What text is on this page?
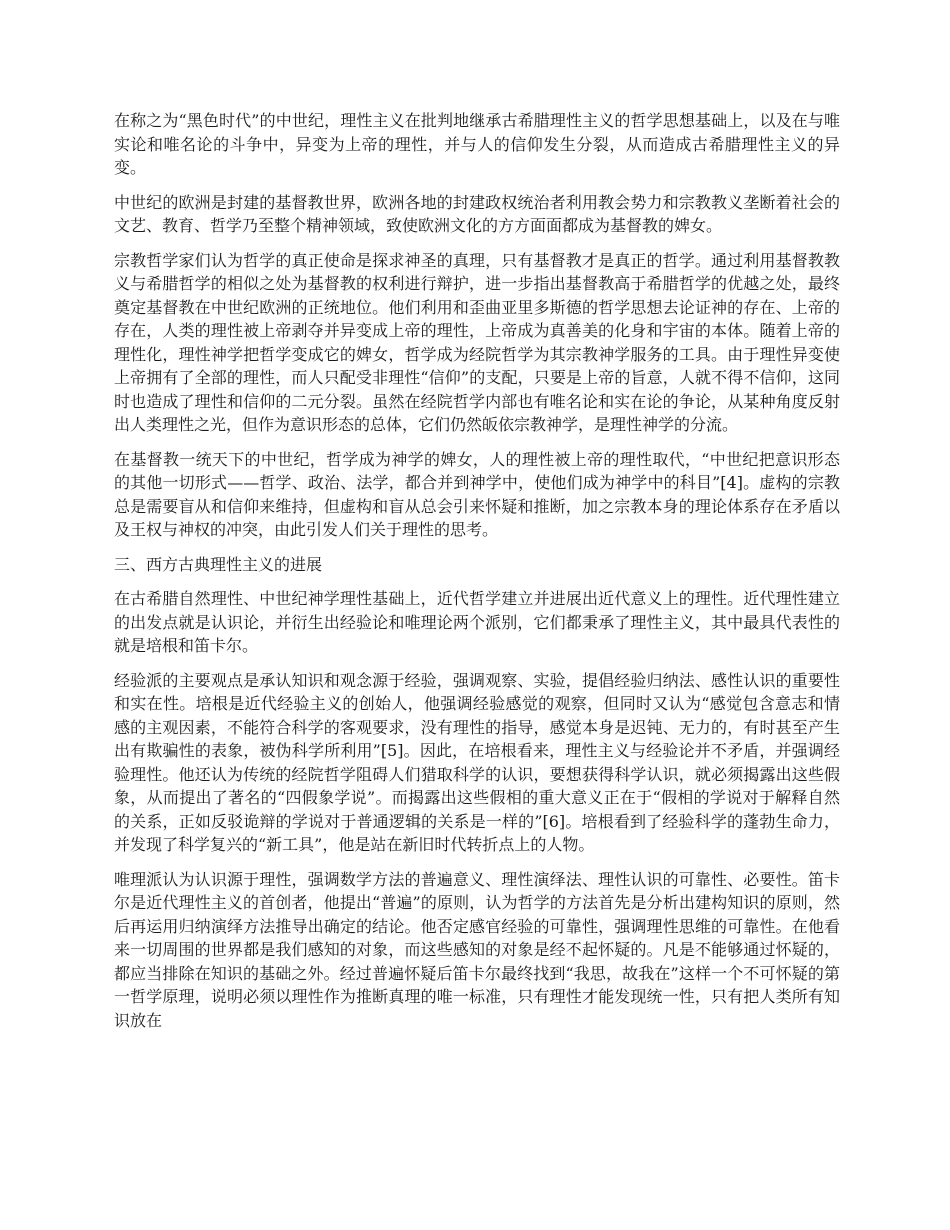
在称之为“黑色时代”的中世纪，理性主义在批判地继承古希腊理性主义的哲学思想基础上，以及在与唯实论和唯名论的斗争中，异变为上帝的理性，并与人的信仰发生分裂，从而造成古希腊理性主义的异变。

中世纪的欧洲是封建的基督教世界，欧洲各地的封建政权统治者利用教会势力和宗教教义垄断着社会的文艺、教育、哲学乃至整个精神领域，致使欧洲文化的方方面面都成为基督教的婢女。

宗教哲学家们认为哲学的真正使命是探求神圣的真理，只有基督教才是真正的哲学。通过利用基督教教义与希腊哲学的相似之处为基督教的权利进行辩护，进一步指出基督教高于希腊哲学的优越之处，最终奠定基督教在中世纪欧洲的正统地位。他们利用和歪曲亚里多斯德的哲学思想去论证神的存在、上帝的存在，人类的理性被上帝剥夺并异变成上帝的理性，上帝成为真善美的化身和宇宙的本体。随着上帝的理性化，理性神学把哲学变成它的婢女，哲学成为经院哲学为其宗教神学服务的工具。由于理性异变使上帝拥有了全部的理性，而人只配受非理性“信仰”的支配，只要是上帝的旨意，人就不得不信仰，这同时也造成了理性和信仰的二元分裂。虽然在经院哲学内部也有唯名论和实在论的争论，从某种角度反射出人类理性之光，但作为意识形态的总体，它们仍然皈依宗教神学，是理性神学的分流。

在基督教一统天下的中世纪，哲学成为神学的婢女，人的理性被上帝的理性取代，“中世纪把意识形态的其他一切形式——哲学、政治、法学，都合并到神学中，使他们成为神学中的科目”[4]。虚构的宗教总是需要盲从和信仰来维持，但虚构和盲从总会引来怀疑和推断，加之宗教本身的理论体系存在矛盾以及王权与神权的冲突，由此引发人们关于理性的思考。

三、西方古典理性主义的进展

在古希腊自然理性、中世纪神学理性基础上，近代哲学建立并进展出近代意义上的理性。近代理性建立的出发点就是认识论，并衍生出经验论和唯理论两个派别，它们都秉承了理性主义，其中最具代表性的就是培根和笛卡尔。

经验派的主要观点是承认知识和观念源于经验，强调观察、实验，提倡经验归纳法、感性认识的重要性和实在性。培根是近代经验主义的创始人，他强调经验感觉的观察，但同时又认为“感觉包含意志和情感的主观因素，不能符合科学的客观要求，没有理性的指导，感觉本身是迟钝、无力的，有时甚至产生出有欺骗性的表象，被伪科学所利用”[5]。因此，在培根看来，理性主义与经验论并不矛盾，并强调经验理性。他还认为传统的经院哲学阻碍人们猎取科学的认识，要想获得科学认识，就必须揭露出这些假象，从而提出了著名的“四假象学说”。而揭露出这些假相的重大意义正在于“假相的学说对于解释自然的关系，正如反驳诡辩的学说对于普通逻辑的关系是一样的”[6]。培根看到了经验科学的蓬勃生命力，并发现了科学复兴的“新工具”，他是站在新旧时代转折点上的人物。

唯理派认为认识源于理性，强调数学方法的普遍意义、理性演绎法、理性认识的可靠性、必要性。笛卡尔是近代理性主义的首创者，他提出“普遍”的原则，认为哲学的方法首先是分析出建构知识的原则，然后再运用归纳演绎方法推导出确定的结论。他否定感官经验的可靠性，强调理性思维的可靠性。在他看来一切周围的世界都是我们感知的对象，而这些感知的对象是经不起怀疑的。凡是不能够通过怀疑的，都应当排除在知识的基础之外。经过普遍怀疑后笛卡尔最终找到“我思，故我在”这样一个不可怀疑的第一哲学原理，说明必须以理性作为推断真理的唯一标准，只有理性才能发现统一性，只有把人类所有知识放在
